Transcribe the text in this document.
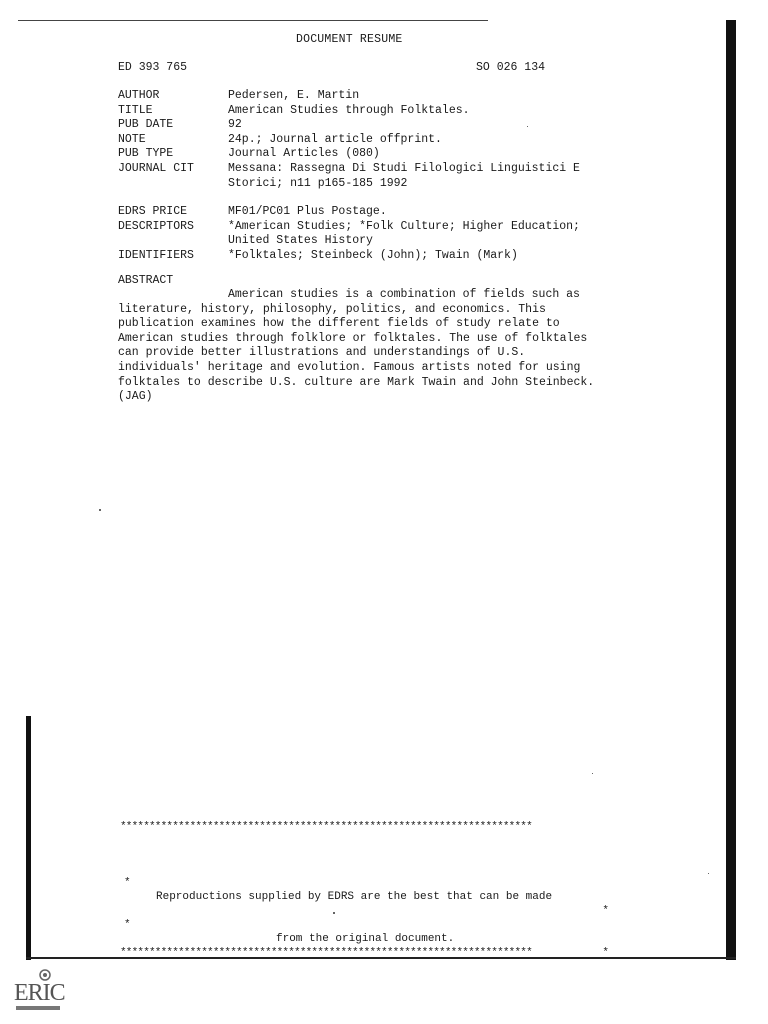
DOCUMENT RESUME
ED 393 765	SO 026 134
AUTHOR	Pedersen, E. Martin
TITLE	American Studies through Folktales.
PUB DATE	92
NOTE	24p.; Journal article offprint.
PUB TYPE	Journal Articles (080)
JOURNAL CIT	Messana: Rassegna Di Studi Filologici Linguistici E
Storici; n11 p165-185 1992
EDRS PRICE	MF01/PC01 Plus Postage.
DESCRIPTORS	*American Studies; *Folk Culture; Higher Education;
United States History
IDENTIFIERS	*Folktales; Steinbeck (John); Twain (Mark)
ABSTRACT
American studies is a combination of fields such as literature, history, philosophy, politics, and economics. This publication examines how the different fields of study relate to American studies through folklore or folktales. The use of folktales can provide better illustrations and understandings of U.S. individuals' heritage and evolution. Famous artists noted for using folktales to describe U.S. culture are Mark Twain and John Steinbeck. (JAG)

***********************************************************************

*

Reproductions supplied by EDRS are the best that can be made

*

*

from the original document.

*

***********************************************************************

ERIC
